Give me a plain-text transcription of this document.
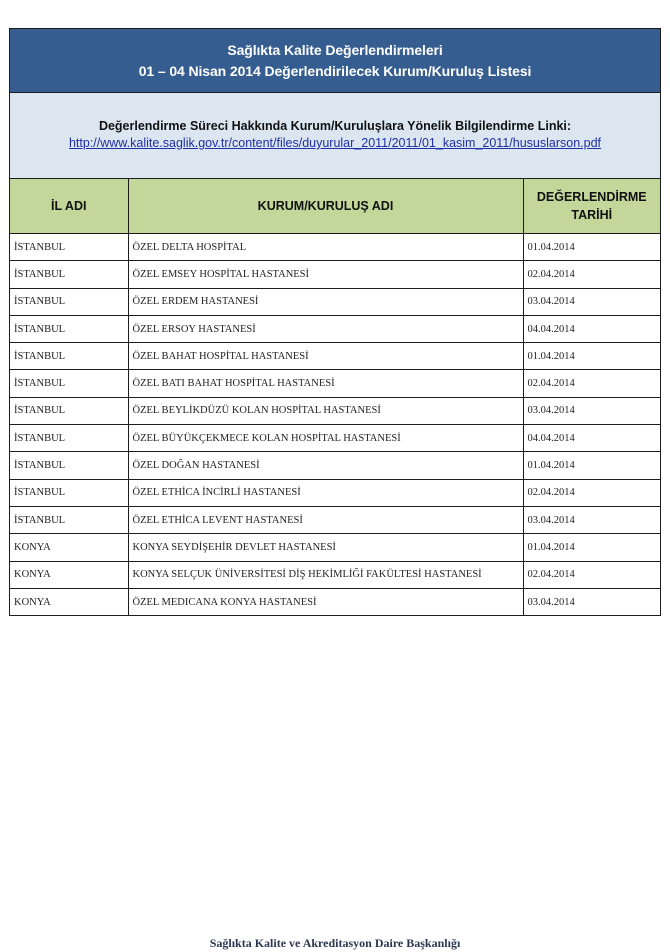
Sağlıkta Kalite Değerlendirmeleri
01 – 04 Nisan 2014 Değerlendirilecek Kurum/Kuruluş Listesi
Değerlendirme Süreci Hakkında Kurum/Kuruluşlara Yönelik Bilgilendirme Linki:
http://www.kalite.saglik.gov.tr/content/files/duyurular_2011/2011/01_kasim_2011/hususlarson.pdf
İL ADI	KURUM/KURULUŞ ADI	DEĞERLENDİRME TARİHİ
İSTANBUL	ÖZEL DELTA HOSPİTAL	01.04.2014
İSTANBUL	ÖZEL EMSEY HOSPİTAL HASTANESİ	02.04.2014
İSTANBUL	ÖZEL ERDEM HASTANESİ	03.04.2014
İSTANBUL	ÖZEL ERSOY HASTANESİ	04.04.2014
İSTANBUL	ÖZEL BAHAT HOSPİTAL HASTANESİ	01.04.2014
İSTANBUL	ÖZEL BATI BAHAT HOSPİTAL HASTANESİ	02.04.2014
İSTANBUL	ÖZEL BEYLİKDÜZÜ KOLAN HOSPİTAL HASTANESİ	03.04.2014
İSTANBUL	ÖZEL BÜYÜKÇEKMECE KOLAN HOSPİTAL HASTANESİ	04.04.2014
İSTANBUL	ÖZEL DOĞAN HASTANESİ	01.04.2014
İSTANBUL	ÖZEL ETHİCA İNCİRLİ HASTANESİ	02.04.2014
İSTANBUL	ÖZEL ETHİCA LEVENT HASTANESİ	03.04.2014
KONYA	KONYA SEYDİŞEHİR DEVLET HASTANESİ	01.04.2014
KONYA	KONYA SELÇUK ÜNİVERSİTESİ DİŞ HEKİMLİĞİ FAKÜLTESİ HASTANESİ	02.04.2014
KONYA	ÖZEL MEDICANA KONYA HASTANESİ	03.04.2014
Sağlıkta Kalite ve Akreditasyon Daire Başkanlığı
